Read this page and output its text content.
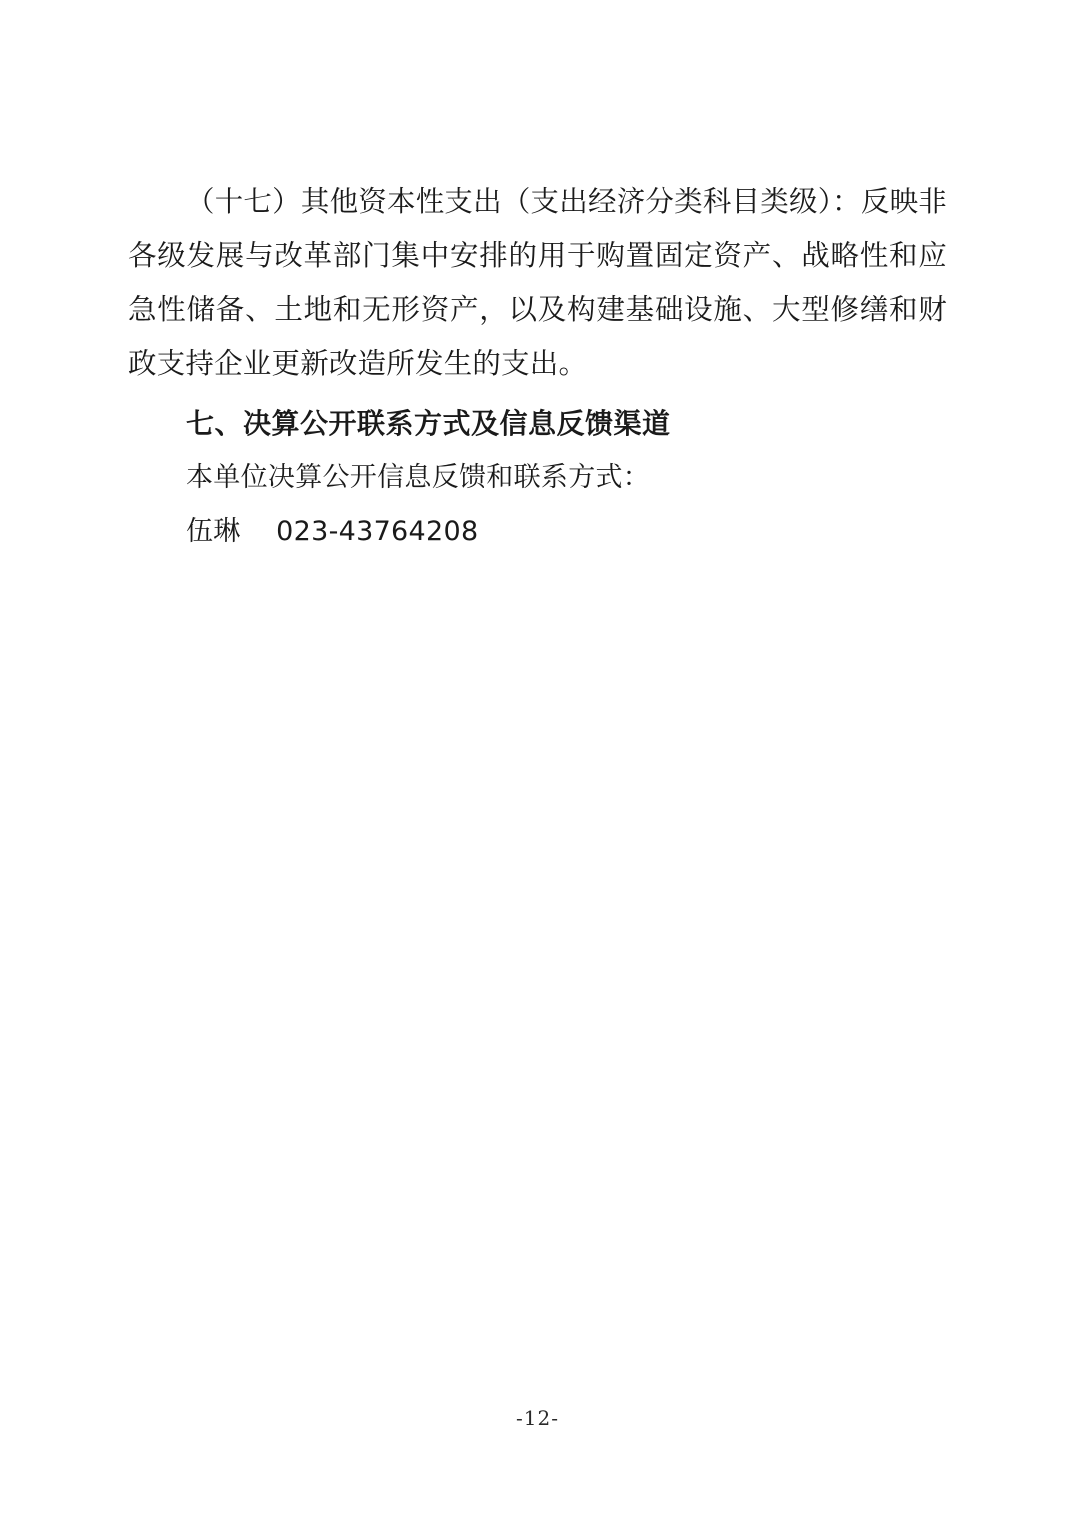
（十七）其他资本性支出（支出经济分类科目类级）：反映非各级发展与改革部门集中安排的用于购置固定资产、战略性和应急性储备、土地和无形资产，以及构建基础设施、大型修缮和财政支持企业更新改造所发生的支出。

七、决算公开联系方式及信息反馈渠道

本单位决算公开信息反馈和联系方式：

伍琳    023-43764208

-12-
